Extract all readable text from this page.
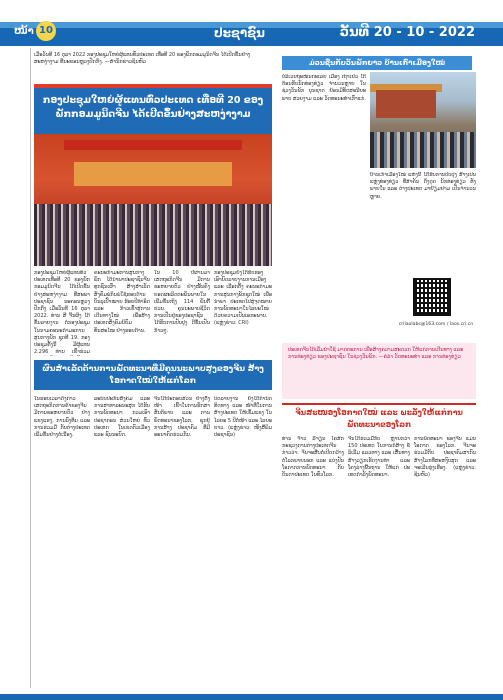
ໜ້າ 10	ປະຊາຊົນ	ວັນທີ 20 - 10 - 2022

ເມື່ອວັນທີ 16 ຕຸລາ 2022 ກອງປະຊຸມໃຫຍ່ຜູ້ແທນທົ່ວປະເທດ ເທື່ອທີ 20 ຂອງພັກກອມມູນິດຈີນ ໄດ້ເປີດຂຶ້ນຢ່າງສະຫງ່າງາມ ທີ່ນະຄອນຫຼວງປັກກິ່ງ. —ສໍານັກຂ່າວຊິນຫົວ

ກອງປະຊຸມໃຫຍ່ຜູ້ແທນທົ່ວປະເທດ ເທື່ອທີ 20 ຂອງພັກກອມມູນິດຈີນ ໄດ້ເປີດຂຶ້ນຢ່າງສະຫງ່າງາມ
ກອງປະຊຸມໃຫຍ່ຜູ້ແທນທົ່ວປະເທດເທື່ອທີ 20 ຂອງພັກກອມມູນິດຈີນ ໄດ້ເປີດຂຶ້ນຢ່າງສະຫງ່າງາມ ທີ່ສະພາປະຊາຊົນ ນະຄອນຫຼວງປັກກິ່ງ ເມື່ອວັນທີ 16 ຕຸລາ 2022. ທ່ານ ສີ ຈິ້ນຜິງ ໄດ້ຂຶ້ນລາຍງານ ຕໍ່ກອງປະຊຸມໃນນາມຄະນະກໍາມະການສູນກາງພັກ ຊຸດທີ 19. ກອງປະຊຸມຄັ້ງນີ້ ມີຜູ້ແທນ 2.296 ທ່ານ ເຂົ້າຮ່ວມ
ຄະນະກໍາມະການສູນກາງພັກ ໄດ້ນໍາພາປະຊາຊົນຈີນທຸກຊົນເຜົ່າ ສ້າງສໍາເລັດສັງຄົມພໍກິນພໍໃຊ້ຮອບດ້ານ ບັນລຸເປົ້າໝາຍ ຮ້ອຍປີທໍາອິດ ແລະ ກ້າວເຂົ້າສູ່ການເດີນທາງໃໝ່ ເພື່ອສ້າງປະເທດສັງຄົມນິຍົມທັນສະໄໝ ຢ່າງຮອບດ້ານ.
ໃນ 10 ປີຜ່ານມາ ເສດຖະກິດຈີນ ມີການຂະຫຍາຍຕົວ ຢ່າງໝັ້ນຄົງ ຍອດຜະລິດຕະພັນພາຍໃນ ເພີ່ມຂຶ້ນເຖິງ 114 ພັນຕື້ຢວນ. ຄຸນນະພາບຊີວິດ ການເປັນຢູ່ຂອງປະຊາຊົນ ໄດ້ຮັບການປັບປຸງ ດີຂຶ້ນເປັນກ້າວໆ.
ກອງປະຊຸມຍັງໄດ້ຮັບຮອງ ເອົາບົດລາຍງານການເມືອງ ແລະ ເລືອກຕັ້ງ ຄະນະກໍາມະການສູນກາງພັກຊຸດໃໝ່ ເພື່ອນໍາພາ ປະເທດໄປສູ່ຈຸດໝາຍ ການພັດທະນາໃນໄລຍະໃໝ່ ດ້ວຍຄວາມເປັນເອກະພາບ. (ແຫຼ່ງຂ່າວ: CRI)
ຜົນສໍາເລັດດ້ານການພັດທະນາທີ່ມີຄຸນນະພາບສູງຂອງຈີນ ສ້າງໂອກາດໃໝ່ໃຫ້ແກ່ໂລກ
ໃນຮອບເວລາດັ່ງກ່າວ ເສດຖະກິດການຄ້າຂອງຈີນ ມີການຂະຫຍາຍຕົວ ຢ່າງແຂງແຮງ, ການລົງທຶນ ແລະ ການຮ່ວມມື ກັບຕ່າງປະເທດ ເພີ່ມຂຶ້ນຢ່າງຕໍ່ເນື່ອງ.
ລະບົບປະກັນສັງຄົມ ແລະ ການສາທາລະນະສຸກ ໄດ້ຮັບການພັດທະນາ ກວມເອົາປະຊາກອນ ສ່ວນໃຫຍ່ ທົ່ວປະເທດ ໃນເຂດຕົວເມືອງ ແລະ ຊົນນະບົດ.
ຈີນໄດ້ປະກອບສ່ວນ ຢ່າງຕັ້ງໜ້າ ເຂົ້າໃນການຮັກສາ ສັນຕິພາບ ແລະ ການພັດທະນາຂອງໂລກ, ຊຸກຍູ້ການສ້າງ ປະຊາຄົມ ທີ່ມີອະນາຄົດຮ່ວມກັນ.
ບົດລາຍງານ ຍັງໄດ້ກໍານົດ ທິດທາງ ແລະ ໜ້າທີ່ໃນການ ສ້າງປະເທດ ໃຫ້ເຂັ້ມແຂງ ໃນໄລຍະ 5 ປີຕໍ່ໜ້າ ແລະ ໄລຍະຍາວ. (ແຫຼ່ງຂ່າວ: ໜັງສືພິມປະຊາຊົນ)
ມ່ວນຊື່ນກັບວັນພັກຍາວ ບ້ານເກົ່າເມືອງໃໝ່
ບໍລິເວນຖະໜົນກະເລຍ ເມືອງ ເຖົາເຢ່ວ ໄດ້ຕ້ອນຮັບນັກທ່ອງທ່ຽວ ຈໍານວນຫຼາຍ ໃນຊ່ວງວັນພັກ ບຸນຊາດ ຍ້ອນມີທັດສະນີຍະພາບ ສວຍງາມ ແລະ ວັດທະນະທໍາເກົ່າແກ່.
ບ້ານເກົ່າເມືອງໃໝ່ ແຫ່ງນີ້ ໄດ້ຮັບການປັບປຸງ ສ້າງເປັນແຫຼ່ງທ່ອງທ່ຽວ ທີ່ສໍາຄັນ ດຶງດູດ ນັກທ່ອງທ່ຽວ ທັງພາຍໃນ ແລະ ຕ່າງປະເທດ ມາຢ້ຽມຢາມ ເປັນຈໍານວນຫຼາຍ.
crilaolabs@163.com / laos.cri.cn
ປະເທດຈີນໄດ້ເລີ່ມນໍາໃຊ້ ມາດຕະການ ເພື່ອສ້າງຄວາມສະດວກ ໃຫ້ແກ່ການເດີນທາງ ແລະ ການທ່ອງທ່ຽວ ຂອງປະຊາຊົນ ໃນຊ່ວງວັນພັກ. —ຄໍລໍາ ວັດທະນະທໍາ ແລະ ການທ່ອງທ່ຽວ
ຈີນສະໜອງໂອກາດໃໝ່ ແລະ ພະລັງໃຫ້ແກ່ການພັດທະນາຂອງໂລກ
ທ່ານ ຈ້າວ ລີ່ຈຽນ ໂຄສົກກະຊວງການຕ່າງປະເທດຈີນ ກ່າວວ່າ: ຈີນຈະສືບຕໍ່ເປີດກວ້າງ ຕໍ່ໂລກພາຍນອກ ແລະ ແບ່ງປັນ ໂອກາດການພັດທະນາ ກັບບັນດາປະເທດ ໃນທົ່ວໂລກ.
ຈີນໄດ້ຮ່ວມມືກັບ ຫຼາຍກວ່າ 150 ປະເທດ ໃນການກໍ່ສ້າງ ຂໍ້ລິເລີ່ມ ແລວທາງ ແລະ ເສັ້ນທາງ ສ້າງວຽກເຮັດງານທໍາ ແລະ ໂຄງລ່າງພື້ນຖານ ໃຫ້ແກ່ ປະເທດກໍາລັງພັດທະນາ.
ການພັດທະນາ ຂອງຈີນ ແມ່ນໂອກາດ ຂອງໂລກ. ຈີນຈະຮ່ວມມືກັບ ປະຊາຄົມສາກົນ ສ້າງໂລກທີ່ສະຫງົບສຸກ ແລະ ຈະເລີນຮຸ່ງເຮືອງ. (ແຫຼ່ງຂ່າວ: ຊິນຫົວ)
